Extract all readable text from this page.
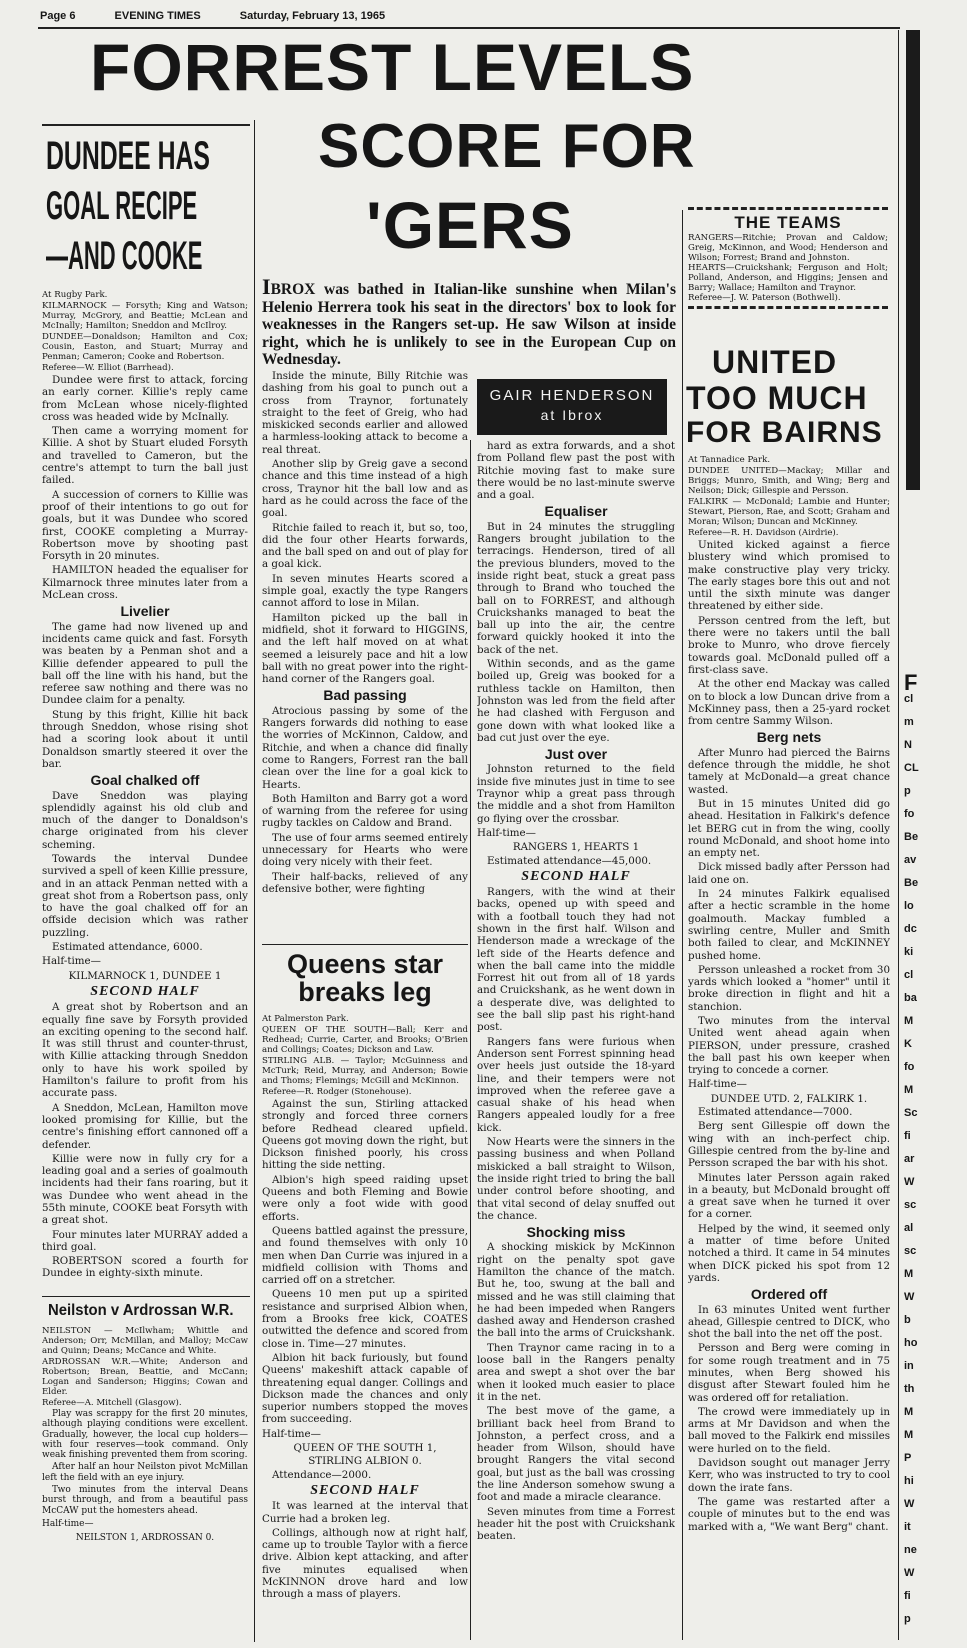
Page 6	EVENING TIMES	Saturday, February 13, 1965
F
cl
m
N
CL
p
fo
Be
av
Be
lo
dc
ki
cl
ba
M
K
fo
M
Sc
fi
ar
W
sc
al
sc
M
W
b
ho
in
th
M
M
P
hi
W
it
ne
W
fi
p
FORREST LEVELS
SCORE FOR
'GERS
IBROX was bathed in Italian-like sunshine when Milan's Helenio Herrera took his seat in the directors' box to look for weaknesses in the Rangers set-up. He saw Wilson at inside right, which he is unlikely to see in the European Cup on Wednesday.
GAIR HENDERSON
at Ibrox

Inside the minute, Billy Ritchie was dashing from his goal to punch out a cross from Traynor, fortunately straight to the feet of Greig, who had miskicked seconds earlier and allowed a harmless-looking attack to become a real threat.

Another slip by Greig gave a second chance and this time instead of a high cross, Traynor hit the ball low and as hard as he could across the face of the goal.

Ritchie failed to reach it, but so, too, did the four other Hearts forwards, and the ball sped on and out of play for a goal kick.

In seven minutes Hearts scored a simple goal, exactly the type Rangers cannot afford to lose in Milan.

Hamilton picked up the ball in midfield, shot it forward to HIGGINS, and the left half moved on at what seemed a leisurely pace and hit a low ball with no great power into the right-hand corner of the Rangers goal.

Bad passing

Atrocious passing by some of the Rangers forwards did nothing to ease the worries of McKinnon, Caldow, and Ritchie, and when a chance did finally come to Rangers, Forrest ran the ball clean over the line for a goal kick to Hearts.

Both Hamilton and Barry got a word of warning from the referee for using rugby tackles on Caldow and Brand.

The use of four arms seemed entirely unnecessary for Hearts who were doing very nicely with their feet.

Their half-backs, relieved of any defensive bother, were fighting

hard as extra forwards, and a shot from Polland flew past the post with Ritchie moving fast to make sure there would be no last-minute swerve and a goal.

Equaliser

But in 24 minutes the struggling Rangers brought jubilation to the terracings. Henderson, tired of all the previous blunders, moved to the inside right beat, stuck a great pass through to Brand who touched the ball on to FORREST, and although Cruickshanks managed to beat the ball up into the air, the centre forward quickly hooked it into the back of the net.

Within seconds, and as the game boiled up, Greig was booked for a ruthless tackle on Hamilton, then Johnston was led from the field after he had clashed with Ferguson and gone down with what looked like a bad cut just over the eye.

Just over

Johnston returned to the field inside five minutes just in time to see Traynor whip a great pass through the middle and a shot from Hamilton go flying over the crossbar.

Half-time—

RANGERS 1, HEARTS 1

Estimated attendance—45,000.

SECOND HALF

Rangers, with the wind at their backs, opened up with speed and with a football touch they had not shown in the first half. Wilson and Henderson made a wreckage of the left side of the Hearts defence and when the ball came into the middle Forrest hit out from all of 18 yards and Cruickshank, as he went down in a desperate dive, was delighted to see the ball slip past his right-hand post.

Rangers fans were furious when Anderson sent Forrest spinning head over heels just outside the 18-yard line, and their tempers were not improved when the referee gave a casual shake of his head when Rangers appealed loudly for a free kick.

Now Hearts were the sinners in the passing business and when Polland miskicked a ball straight to Wilson, the inside right tried to bring the ball under control before shooting, and that vital second of delay snuffed out the chance.

Shocking miss

A shocking miskick by McKinnon right on the penalty spot gave Hamilton the chance of the match. But he, too, swung at the ball and missed and he was still claiming that he had been impeded when Rangers dashed away and Henderson crashed the ball into the arms of Cruickshank.

Then Traynor came racing in to a loose ball in the Rangers penalty area and swept a shot over the bar when it looked much easier to place it in the net.

The best move of the game, a brilliant back heel from Brand to Johnston, a perfect cross, and a header from Wilson, should have brought Rangers the vital second goal, but just as the ball was crossing the line Anderson somehow swung a foot and made a miracle clearance.

Seven minutes from time a Forrest header hit the post with Cruickshank beaten.

THE TEAMS
RANGERS—Ritchie; Provan and Caldow; Greig, McKinnon, and Wood; Henderson and Wilson; Forrest; Brand and Johnston.
HEARTS—Cruickshank; Ferguson and Holt; Polland, Anderson, and Higgins; Jensen and Barry; Wallace; Hamilton and Traynor.
Referee—J. W. Paterson (Bothwell).
UNITED
TOO MUCH
FOR BAIRNS

At Tannadice Park.

DUNDEE UNITED—Mackay; Millar and Briggs; Munro, Smith, and Wing; Berg and Neilson; Dick; Gillespie and Persson.

FALKIRK — McDonald; Lambie and Hunter; Stewart, Pierson, Rae, and Scott; Graham and Moran; Wilson; Duncan and McKinney.

Referee—R. H. Davidson (Airdrie).

United kicked against a fierce blustery wind which promised to make constructive play very tricky. The early stages bore this out and not until the sixth minute was danger threatened by either side.

Persson centred from the left, but there were no takers until the ball broke to Munro, who drove fiercely towards goal. McDonald pulled off a first-class save.

At the other end Mackay was called on to block a low Duncan drive from a McKinney pass, then a 25-yard rocket from centre Sammy Wilson.

Berg nets

After Munro had pierced the Bairns defence through the middle, he shot tamely at McDonald—a great chance wasted.

But in 15 minutes United did go ahead. Hesitation in Falkirk's defence let BERG cut in from the wing, coolly round McDonald, and shoot home into an empty net.

Dick missed badly after Persson had laid one on.

In 24 minutes Falkirk equalised after a hectic scramble in the home goalmouth. Mackay fumbled a swirling centre, Muller and Smith both failed to clear, and McKINNEY pushed home.

Persson unleashed a rocket from 30 yards which looked a "homer" until it broke direction in flight and hit a stanchion.

Two minutes from the interval United went ahead again when PIERSON, under pressure, crashed the ball past his own keeper when trying to concede a corner.

Half-time—

DUNDEE UTD. 2, FALKIRK 1.

Estimated attendance—7000.

Berg sent Gillespie off down the wing with an inch-perfect chip. Gillespie centred from the by-line and Persson scraped the bar with his shot.

Minutes later Persson again raked in a beauty, but McDonald brought off a great save when he turned it over for a corner.

Helped by the wind, it seemed only a matter of time before United notched a third. It came in 54 minutes when DICK picked his spot from 12 yards.

Ordered off

In 63 minutes United went further ahead, Gillespie centred to DICK, who shot the ball into the net off the post.

Persson and Berg were coming in for some rough treatment and in 75 minutes, when Berg showed his disgust after Stewart fouled him he was ordered off for retaliation.

The crowd were immediately up in arms at Mr Davidson and when the ball moved to the Falkirk end missiles were hurled on to the field.

Davidson sought out manager Jerry Kerr, who was instructed to try to cool down the irate fans.

The game was restarted after a couple of minutes but to the end was marked with a, "We want Berg" chant.

DUNDEE HAS
GOAL RECIPE
—AND COOKE

At Rugby Park.

KILMARNOCK — Forsyth; King and Watson; Murray, McGrory, and Beattie; McLean and McInally; Hamilton; Sneddon and McIlroy.

DUNDEE—Donaldson; Hamilton and Cox; Cousin, Easton, and Stuart; Murray and Penman; Cameron; Cooke and Robertson.

Referee—W. Elliot (Barrhead).

Dundee were first to attack, forcing an early corner. Killie's reply came from McLean whose nicely-flighted cross was headed wide by McInally.

Then came a worrying moment for Killie. A shot by Stuart eluded Forsyth and travelled to Cameron, but the centre's attempt to turn the ball just failed.

A succession of corners to Killie was proof of their intentions to go out for goals, but it was Dundee who scored first, COOKE completing a Murray-Robertson move by shooting past Forsyth in 20 minutes.

HAMILTON headed the equaliser for Kilmarnock three minutes later from a McLean cross.

Livelier

The game had now livened up and incidents came quick and fast. Forsyth was beaten by a Penman shot and a Killie defender appeared to pull the ball off the line with his hand, but the referee saw nothing and there was no Dundee claim for a penalty.

Stung by this fright, Killie hit back through Sneddon, whose rising shot had a scoring look about it until Donaldson smartly steered it over the bar.

Goal chalked off

Dave Sneddon was playing splendidly against his old club and much of the danger to Donaldson's charge originated from his clever scheming.

Towards the interval Dundee survived a spell of keen Killie pressure, and in an attack Penman netted with a great shot from a Robertson pass, only to have the goal chalked off for an offside decision which was rather puzzling.

Estimated attendance, 6000.

Half-time—

KILMARNOCK 1, DUNDEE 1

SECOND HALF

A great shot by Robertson and an equally fine save by Forsyth provided an exciting opening to the second half. It was still thrust and counter-thrust, with Killie attacking through Sneddon only to have his work spoiled by Hamilton's failure to profit from his accurate pass.

A Sneddon, McLean, Hamilton move looked promising for Killie, but the centre's finishing effort cannoned off a defender.

Killie were now in fully cry for a leading goal and a series of goalmouth incidents had their fans roaring, but it was Dundee who went ahead in the 55th minute, COOKE beat Forsyth with a great shot.

Four minutes later MURRAY added a third goal.

ROBERTSON scored a fourth for Dundee in eighty-sixth minute.

Neilston v Ardrossan W.R.

NEILSTON — McIlwham; Whittle and Anderson; Orr, McMillan, and Malloy; McCaw and Quinn; Deans; McCance and White.

ARDROSSAN W.R.—White; Anderson and Robertson; Brean, Beattie, and McCann; Logan and Sanderson; Higgins; Cowan and Elder.

Referee—A. Mitchell (Glasgow).

Play was scrappy for the first 20 minutes, although playing conditions were excellent. Gradually, however, the local cup holders—with four reserves—took command. Only weak finishing prevented them from scoring.

After half an hour Neilston pivot McMillan left the field with an eye injury.

Two minutes from the interval Deans burst through, and from a beautiful pass McCAW put the homesters ahead.

Half-time—

NEILSTON 1, ARDROSSAN 0.

Queens star
breaks leg

At Palmerston Park.

QUEEN OF THE SOUTH—Ball; Kerr and Redhead; Currie, Carter, and Brooks; O'Brien and Collings; Coates; Dickson and Law.

STIRLING ALB. — Taylor; McGuinness and McTurk; Reid, Murray, and Anderson; Bowie and Thoms; Flemings; McGill and McKinnon.

Referee—R. Rodger (Stonehouse).

Against the sun, Stirling attacked strongly and forced three corners before Redhead cleared upfield. Queens got moving down the right, but Dickson finished poorly, his cross hitting the side netting.

Albion's high speed raiding upset Queens and both Fleming and Bowie were only a foot wide with good efforts.

Queens battled against the pressure, and found themselves with only 10 men when Dan Currie was injured in a midfield collision with Thoms and carried off on a stretcher.

Queens 10 men put up a spirited resistance and surprised Albion when, from a Brooks free kick, COATES outwitted the defence and scored from close in. Time—27 minutes.

Albion hit back furiously, but found Queens' makeshift attack capable of threatening equal danger. Collings and Dickson made the chances and only superior numbers stopped the moves from succeeding.

Half-time—

QUEEN OF THE SOUTH 1,

STIRLING ALBION 0.

Attendance—2000.

SECOND HALF

It was learned at the interval that Currie had a broken leg.

Collings, although now at right half, came up to trouble Taylor with a fierce drive. Albion kept attacking, and after five minutes equalised when McKINNON drove hard and low through a mass of players.
